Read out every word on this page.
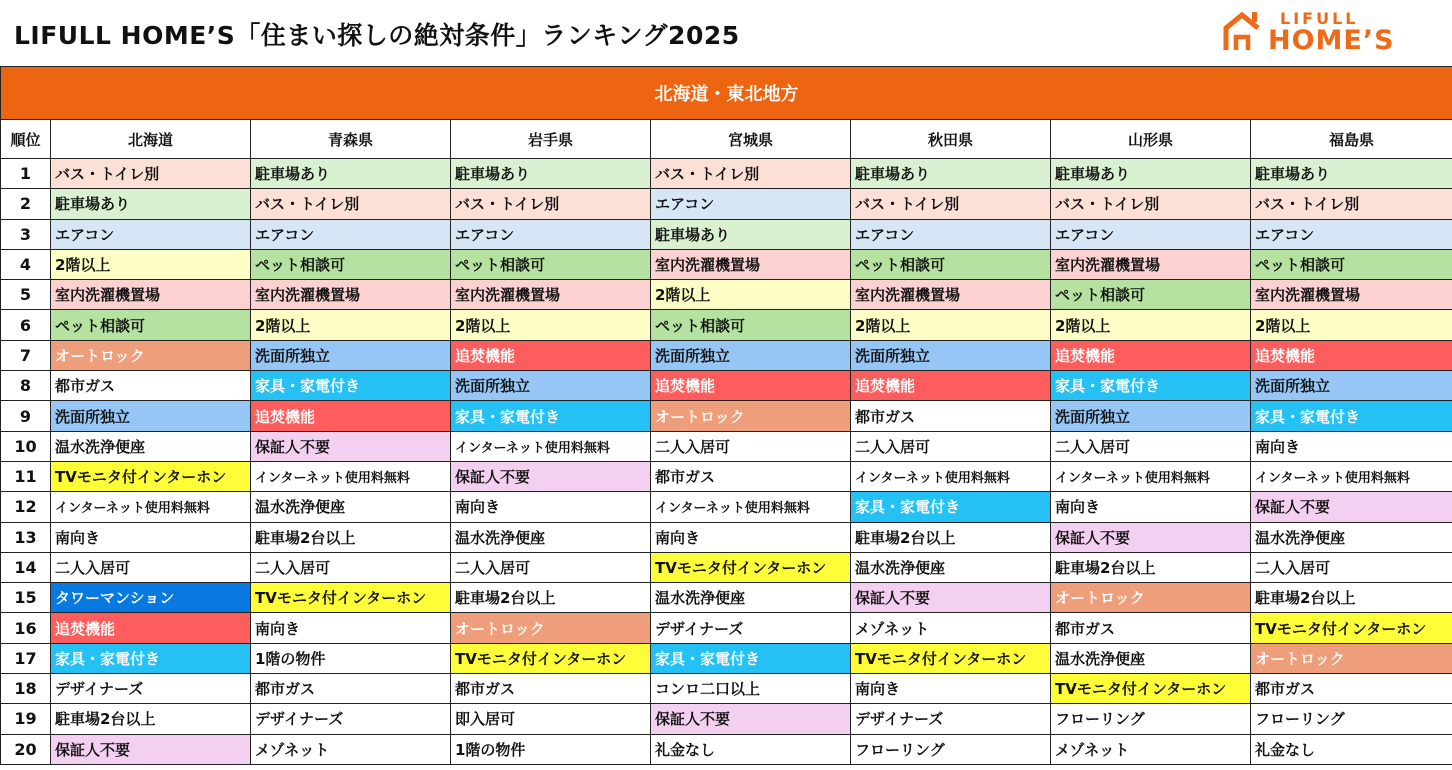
LIFULL HOME’S「住まい探しの絶対条件」ランキング2025
LIFULL
HOME’S
北海道・東北地方							
順位	北海道	青森県	岩手県	宮城県	秋田県	山形県	福島県
1	バス・トイレ別	駐車場あり	駐車場あり	バス・トイレ別	駐車場あり	駐車場あり	駐車場あり
2	駐車場あり	バス・トイレ別	バス・トイレ別	エアコン	バス・トイレ別	バス・トイレ別	バス・トイレ別
3	エアコン	エアコン	エアコン	駐車場あり	エアコン	エアコン	エアコン
4	2階以上	ペット相談可	ペット相談可	室内洗濯機置場	ペット相談可	室内洗濯機置場	ペット相談可
5	室内洗濯機置場	室内洗濯機置場	室内洗濯機置場	2階以上	室内洗濯機置場	ペット相談可	室内洗濯機置場
6	ペット相談可	2階以上	2階以上	ペット相談可	2階以上	2階以上	2階以上
7	オートロック	洗面所独立	追焚機能	洗面所独立	洗面所独立	追焚機能	追焚機能
8	都市ガス	家具・家電付き	洗面所独立	追焚機能	追焚機能	家具・家電付き	洗面所独立
9	洗面所独立	追焚機能	家具・家電付き	オートロック	都市ガス	洗面所独立	家具・家電付き
10	温水洗浄便座	保証人不要	インターネット使用料無料	二人入居可	二人入居可	二人入居可	南向き
11	TVモニタ付インターホン	インターネット使用料無料	保証人不要	都市ガス	インターネット使用料無料	インターネット使用料無料	インターネット使用料無料
12	インターネット使用料無料	温水洗浄便座	南向き	インターネット使用料無料	家具・家電付き	南向き	保証人不要
13	南向き	駐車場2台以上	温水洗浄便座	南向き	駐車場2台以上	保証人不要	温水洗浄便座
14	二人入居可	二人入居可	二人入居可	TVモニタ付インターホン	温水洗浄便座	駐車場2台以上	二人入居可
15	タワーマンション	TVモニタ付インターホン	駐車場2台以上	温水洗浄便座	保証人不要	オートロック	駐車場2台以上
16	追焚機能	南向き	オートロック	デザイナーズ	メゾネット	都市ガス	TVモニタ付インターホン
17	家具・家電付き	1階の物件	TVモニタ付インターホン	家具・家電付き	TVモニタ付インターホン	温水洗浄便座	オートロック
18	デザイナーズ	都市ガス	都市ガス	コンロ二口以上	南向き	TVモニタ付インターホン	都市ガス
19	駐車場2台以上	デザイナーズ	即入居可	保証人不要	デザイナーズ	フローリング	フローリング
20	保証人不要	メゾネット	1階の物件	礼金なし	フローリング	メゾネット	礼金なし
